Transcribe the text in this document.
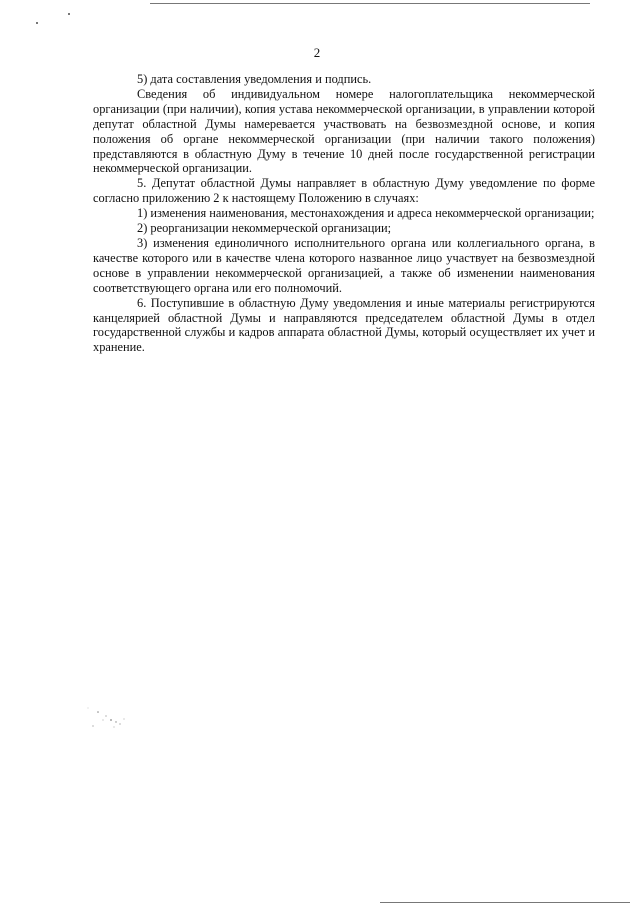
2

5) дата составления уведомления и подпись.

Сведения об индивидуальном номере налогоплательщика некоммерческой организации (при наличии), копия устава некоммерческой организации, в управлении которой депутат областной Думы намеревается участвовать на безвозмездной основе, и копия положения об органе некоммерческой организации (при наличии такого положения) представляются в областную Думу в течение 10 дней после государственной регистрации некоммерческой организации.

5. Депутат областной Думы направляет в областную Думу уведомление по форме согласно приложению 2 к настоящему Положению в случаях:

1) изменения наименования, местонахождения и адреса некоммерческой организации;

2) реорганизации некоммерческой организации;

3) изменения единоличного исполнительного органа или коллегиального органа, в качестве которого или в качестве члена которого названное лицо участвует на безвозмездной основе в управлении некоммерческой организацией, а также об изменении наименования соответствующего органа или его полномочий.

6. Поступившие в областную Думу уведомления и иные материалы регистрируются канцелярией областной Думы и направляются председателем областной Думы в отдел государственной службы и кадров аппарата областной Думы, который осуществляет их учет и хранение.
